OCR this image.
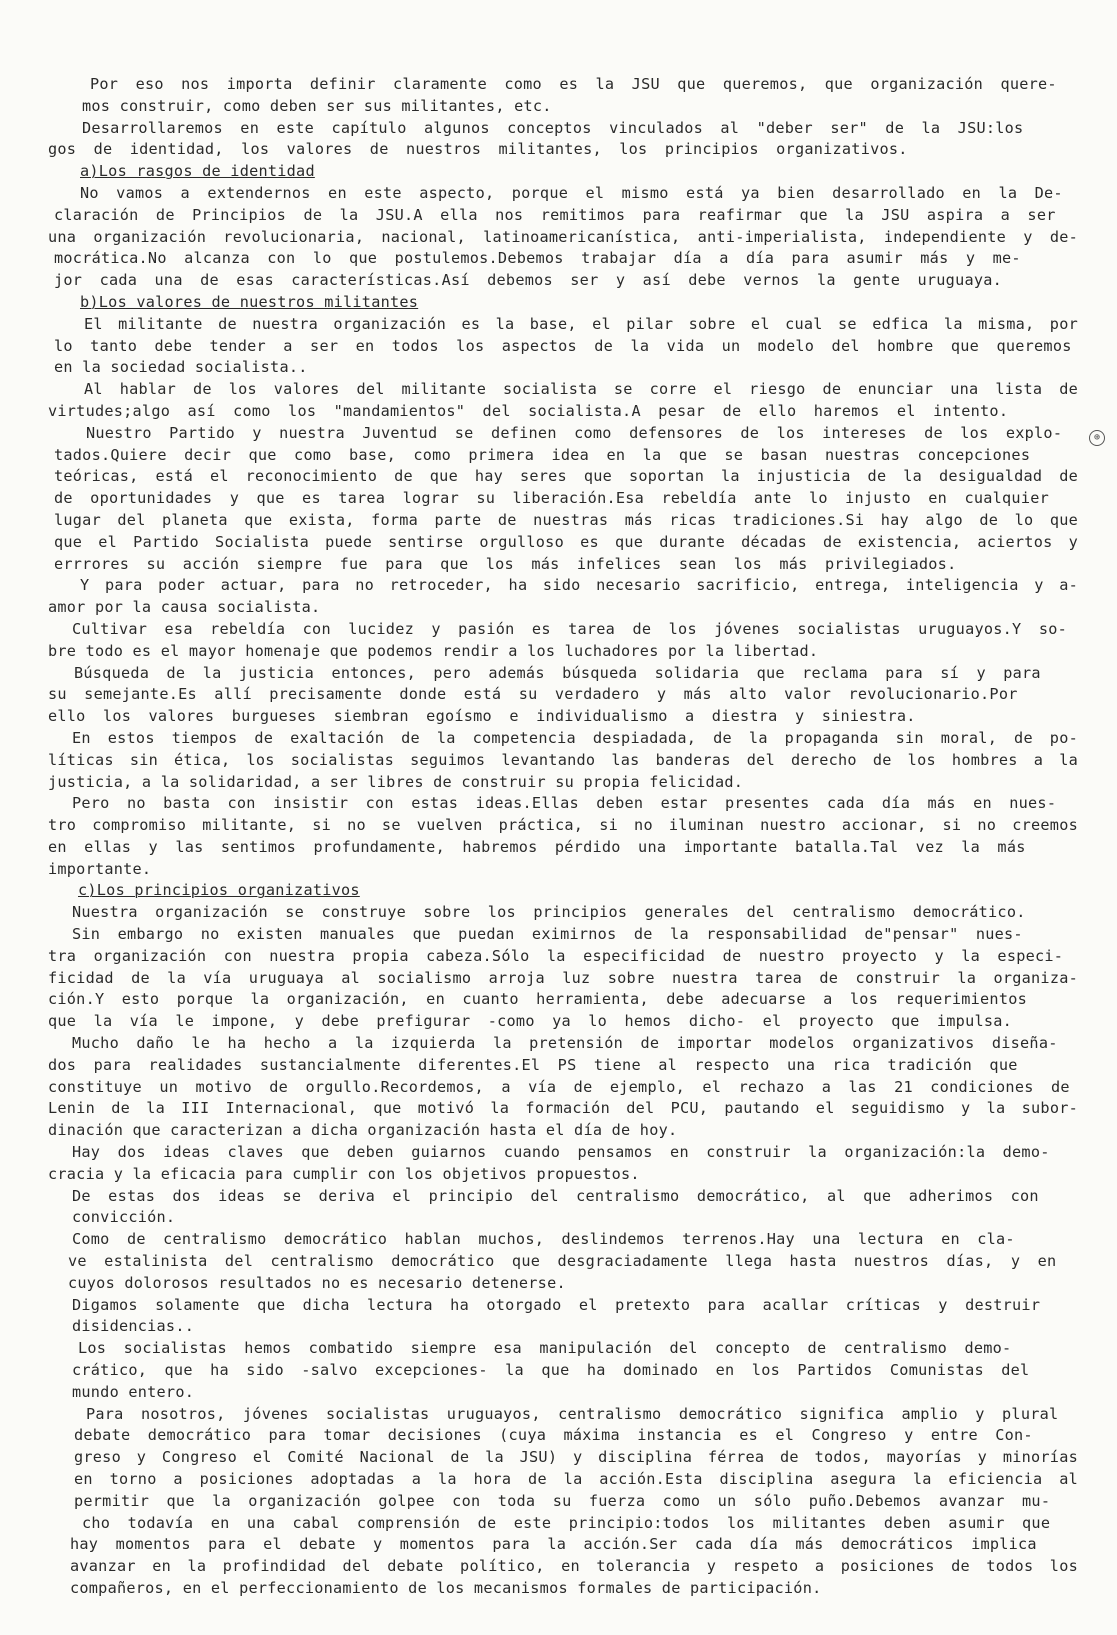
Por eso nos importa definir claramente como es la JSU que queremos, que organización quere-
mos construir, como deben ser sus militantes, etc.
Desarrollaremos en este capítulo algunos conceptos vinculados al "deber ser" de la JSU:los
gos de identidad, los valores de nuestros militantes, los principios organizativos.
a)Los rasgos de identidad
No vamos a extendernos en este aspecto, porque el mismo está ya bien desarrollado en la De-
claración de Principios de la JSU.A ella nos remitimos para reafirmar que la JSU aspira a ser
una organización revolucionaria, nacional, latinoamericanística, anti-imperialista, independiente y de-
mocrática.No alcanza con lo que postulemos.Debemos trabajar día a día para asumir más y me-
jor cada una de esas características.Así debemos ser y así debe vernos la gente uruguaya.
b)Los valores de nuestros militantes
El militante de nuestra organización es la base, el pilar sobre el cual se edfica la misma, por
lo tanto debe tender a ser en todos los aspectos de la vida un modelo del hombre que queremos
en la sociedad socialista..
Al hablar de los valores del militante socialista se corre el riesgo de enunciar una lista de
virtudes;algo así como los "mandamientos" del socialista.A pesar de ello haremos el intento.
Nuestro Partido y nuestra Juventud se definen como defensores de los intereses de los explo-
tados.Quiere decir que como base, como primera idea en la que se basan nuestras concepciones
teóricas, está el reconocimiento de que hay seres que soportan la injusticia de la desigualdad de
de oportunidades y que es tarea lograr su liberación.Esa rebeldía ante lo injusto en cualquier
lugar del planeta que exista, forma parte de nuestras más ricas tradiciones.Si hay algo de lo que
que el Partido Socialista puede sentirse orgulloso es que durante décadas de existencia, aciertos y
errrores su acción siempre fue para que los más infelices sean los más privilegiados.
Y para poder actuar, para no retroceder, ha sido necesario sacrificio, entrega, inteligencia y a-
amor por la causa socialista.
Cultivar esa rebeldía con lucidez y pasión es tarea de los jóvenes socialistas uruguayos.Y so-
bre todo es el mayor homenaje que podemos rendir a los luchadores por la libertad.
Búsqueda de la justicia entonces, pero además búsqueda solidaria que reclama para sí y para
su semejante.Es allí precisamente donde está su verdadero y más alto valor revolucionario.Por
ello los valores burgueses siembran egoísmo e individualismo a diestra y siniestra.
En estos tiempos de exaltación de la competencia despiadada, de la propaganda sin moral, de po-
líticas sin ética, los socialistas seguimos levantando las banderas del derecho de los hombres a la
justicia, a la solidaridad, a ser libres de construir su propia felicidad.
Pero no basta con insistir con estas ideas.Ellas deben estar presentes cada día más en nues-
tro compromiso militante, si no se vuelven práctica, si no iluminan nuestro accionar, si no creemos
en ellas y las sentimos profundamente, habremos pérdido una importante batalla.Tal vez la más
importante.
c)Los principios organizativos
Nuestra organización se construye sobre los principios generales del centralismo democrático.
Sin embargo no existen manuales que puedan eximirnos de la responsabilidad de"pensar" nues-
tra organización con nuestra propia cabeza.Sólo la especificidad de nuestro proyecto y la especi-
ficidad de la vía uruguaya al socialismo arroja luz sobre nuestra tarea de construir la organiza-
ción.Y esto porque la organización, en cuanto herramienta, debe adecuarse a los requerimientos
que la vía le impone, y debe prefigurar -como ya lo hemos dicho- el proyecto que impulsa.
Mucho daño le ha hecho a la izquierda la pretensión de importar modelos organizativos diseña-
dos para realidades sustancialmente diferentes.El PS tiene al respecto una rica tradición que
constituye un motivo de orgullo.Recordemos, a vía de ejemplo, el rechazo a las 21 condiciones de
Lenin de la III Internacional, que motivó la formación del PCU, pautando el seguidismo y la subor-
dinación que caracterizan a dicha organización hasta el día de hoy.
Hay dos ideas claves que deben guiarnos cuando pensamos en construir la organización:la demo-
cracia y la eficacia para cumplir con los objetivos propuestos.
De estas dos ideas se deriva el principio del centralismo democrático, al que adherimos con
convicción.
Como de centralismo democrático hablan muchos, deslindemos terrenos.Hay una lectura en cla-
ve estalinista del centralismo democrático que desgraciadamente llega hasta nuestros días, y en
cuyos dolorosos resultados no es necesario detenerse.
Digamos solamente que dicha lectura ha otorgado el pretexto para acallar críticas y destruir
disidencias..
Los socialistas hemos combatido siempre esa manipulación del concepto de centralismo demo-
crático, que ha sido -salvo excepciones- la que ha dominado en los Partidos Comunistas del
mundo entero.
Para nosotros, jóvenes socialistas uruguayos, centralismo democrático significa amplio y plural
debate democrático para tomar decisiones (cuya máxima instancia es el Congreso y entre Con-
greso y Congreso el Comité Nacional de la JSU) y disciplina férrea de todos, mayorías y minorías
en torno a posiciones adoptadas a la hora de la acción.Esta disciplina asegura la eficiencia al
permitir que la organización golpee con toda su fuerza como un sólo puño.Debemos avanzar mu-
cho todavía en una cabal comprensión de este principio:todos los militantes deben asumir que
hay momentos para el debate y momentos para la acción.Ser cada día más democráticos implica
avanzar en la profindidad del debate político, en tolerancia y respeto a posiciones de todos los
compañeros, en el perfeccionamiento de los mecanismos formales de participación.
⊕
